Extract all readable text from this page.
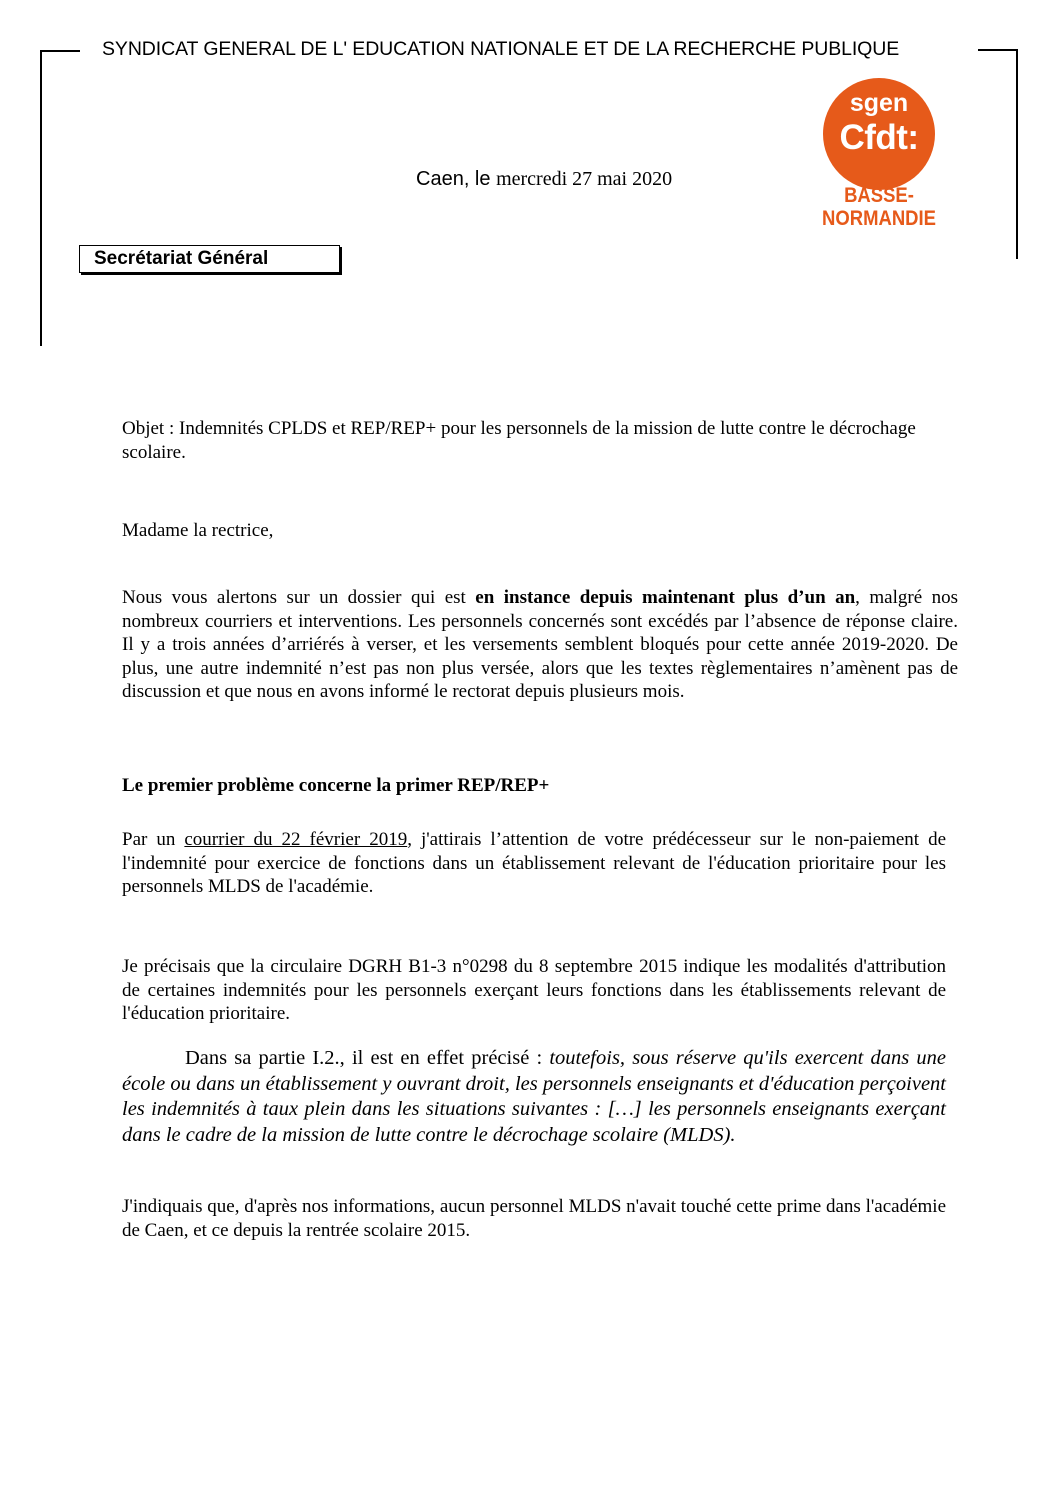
SYNDICAT GENERAL DE L' EDUCATION NATIONALE ET DE LA RECHERCHE PUBLIQUE
sgen
Cfdt:
BASSE-
NORMANDIE
Caen, le mercredi 27 mai 2020
Secrétariat Général
Objet : Indemnités CPLDS et REP/REP+ pour les personnels de la mission de lutte contre le décrochage scolaire.
Madame la rectrice,
Nous vous alertons sur un dossier qui est en instance depuis maintenant plus d’un an, malgré nos nombreux courriers et interventions. Les personnels concernés sont excédés par l’absence de réponse claire. Il y a trois années d’arriérés à verser, et les versements semblent bloqués pour cette année 2019-2020. De plus, une autre indemnité n’est pas non plus versée, alors que les textes règlementaires n’amènent pas de discussion et que nous en avons informé le rectorat depuis plusieurs mois.
Le premier problème concerne la primer REP/REP+
Par un courrier du 22 février 2019, j'attirais l’attention de votre prédécesseur sur le non-paiement de l'indemnité pour exercice de fonctions dans un établissement relevant de l'éducation prioritaire pour les personnels MLDS de l'académie.
Je précisais que la circulaire DGRH B1-3 n°0298 du 8 septembre 2015 indique les modalités d'attribution de certaines indemnités pour les personnels exerçant leurs fonctions dans les établissements relevant de l'éducation prioritaire.
Dans sa partie I.2., il est en effet précisé : toutefois, sous réserve qu'ils exercent dans une école ou dans un établissement y ouvrant droit, les personnels enseignants et d'éducation perçoivent les indemnités à taux plein dans les situations suivantes : […] les personnels enseignants exerçant dans le cadre de la mission de lutte contre le décrochage scolaire (MLDS).
J'indiquais que, d'après nos informations, aucun personnel MLDS n'avait touché cette prime dans l'académie de Caen, et ce depuis la rentrée scolaire 2015.
